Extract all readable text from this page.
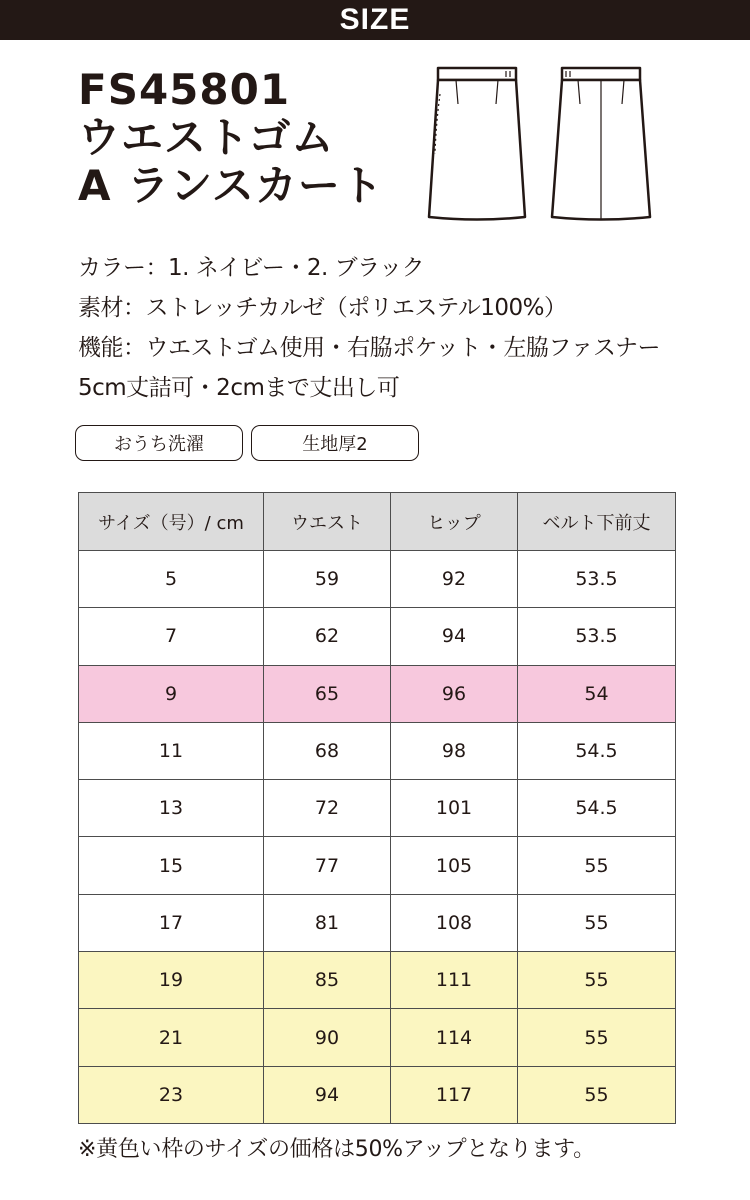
SIZE
FS45801
ウエストゴム
A ランスカート
カラー：1. ネイビー・2. ブラック
素材：ストレッチカルゼ（ポリエステル100%）
機能：ウエストゴム使用・右脇ポケット・左脇ファスナー
5cm丈詰可・2cmまで丈出し可
おうち洗濯	生地厚2
サイズ（号）/ cm	ウエスト	ヒップ	ベルト下前丈
5	59	92	53.5
7	62	94	53.5
9	65	96	54
11	68	98	54.5
13	72	101	54.5
15	77	105	55
17	81	108	55
19	85	111	55
21	90	114	55
23	94	117	55
※黄色い枠のサイズの価格は50%アップとなります。
